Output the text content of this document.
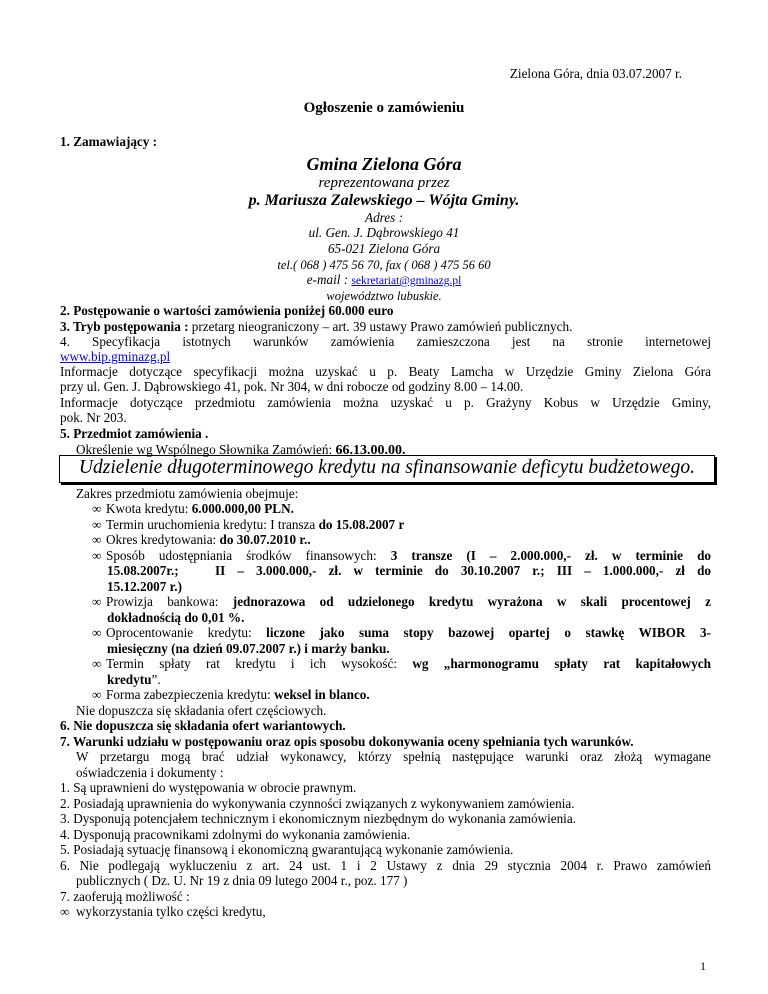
Zielona Góra, dnia 03.07.2007 r.
Ogłoszenie o zamówieniu
1. Zamawiający :
Gmina Zielona Góra
reprezentowana przez
p. Mariusza Zalewskiego – Wójta Gminy.
Adres :
ul. Gen. J. Dąbrowskiego 41
65-021 Zielona Góra
tel.( 068 ) 475 56 70, fax ( 068 ) 475 56 60
e-mail : sekretariat@gminazg.pl
województwo lubuskie.
2. Postępowanie o wartości zamówienia poniżej 60.000 euro
3. Tryb postępowania : przetarg nieograniczony – art. 39 ustawy Prawo zamówień publicznych.
4.   Specyfikacja   istotnych   warunków   zamówienia   zamieszczona   jest   na   stronie   internetowej
www.bip.gminazg.pl
Informacje dotyczące specyfikacji można uzyskać u p. Beaty Lamcha w Urzędzie Gminy Zielona Góra
przy ul. Gen. J. Dąbrowskiego 41, pok. Nr 304, w dni robocze od godziny 8.00 – 14.00.
Informacje dotyczące przedmiotu zamówienia można uzyskać u p. Grażyny Kobus w Urzędzie Gminy,
pok. Nr 203.
5. Przedmiot zamówienia .
Określenie wg Wspólnego Słownika Zamówień: 66.13.00.00.
Udzielenie długoterminowego kredytu na sfinansowanie deficytu budżetowego.
Zakres przedmiotu zamówienia obejmuje:
∞ Kwota kredytu: 6.000.000,00 PLN.
∞ Termin uruchomienia kredytu: I transza do 15.08.2007 r
∞ Okres kredytowania: do 30.07.2010 r..
∞ Sposób udostępniania środków finansowych: 3 transze (I – 2.000.000,- zł. w terminie do
15.08.2007r.;   II – 3.000.000,- zł. w terminie do 30.10.2007 r.; III – 1.000.000,- zł do
15.12.2007 r.)
∞ Prowizja bankowa: jednorazowa od udzielonego kredytu wyrażona w skali procentowej z
dokładnością do 0,01 %.
∞ Oprocentowanie kredytu: liczone jako suma stopy bazowej opartej o stawkę WIBOR 3-
miesięczny (na dzień 09.07.2007 r.) i marży banku.
∞ Termin spłaty rat kredytu i ich wysokość: wg „harmonogramu spłaty rat kapitałowych
kredytu”.
∞ Forma zabezpieczenia kredytu: weksel in blanco.
Nie dopuszcza się składania ofert częściowych.
6. Nie dopuszcza się składania ofert wariantowych.
7. Warunki udziału w postępowaniu oraz opis sposobu dokonywania oceny spełniania tych warunków.
W przetargu mogą brać udział wykonawcy, którzy spełnią następujące warunki oraz złożą wymagane
oświadczenia i dokumenty :
1. Są uprawnieni do występowania w obrocie prawnym.
2. Posiadają uprawnienia do wykonywania czynności związanych z wykonywaniem zamówienia.
3. Dysponują potencjałem technicznym i ekonomicznym niezbędnym do wykonania zamówienia.
4. Dysponują pracownikami zdolnymi do wykonania zamówienia.
5. Posiadają sytuację finansową i ekonomiczną gwarantującą wykonanie zamówienia.
6. Nie podlegają wykluczeniu z art. 24 ust. 1 i 2 Ustawy z dnia 29 stycznia 2004 r. Prawo zamówień
publicznych ( Dz. U. Nr 19 z dnia 09 lutego 2004 r., poz. 177 )
7. zaoferują możliwość :
∞ wykorzystania tylko części kredytu,
1
